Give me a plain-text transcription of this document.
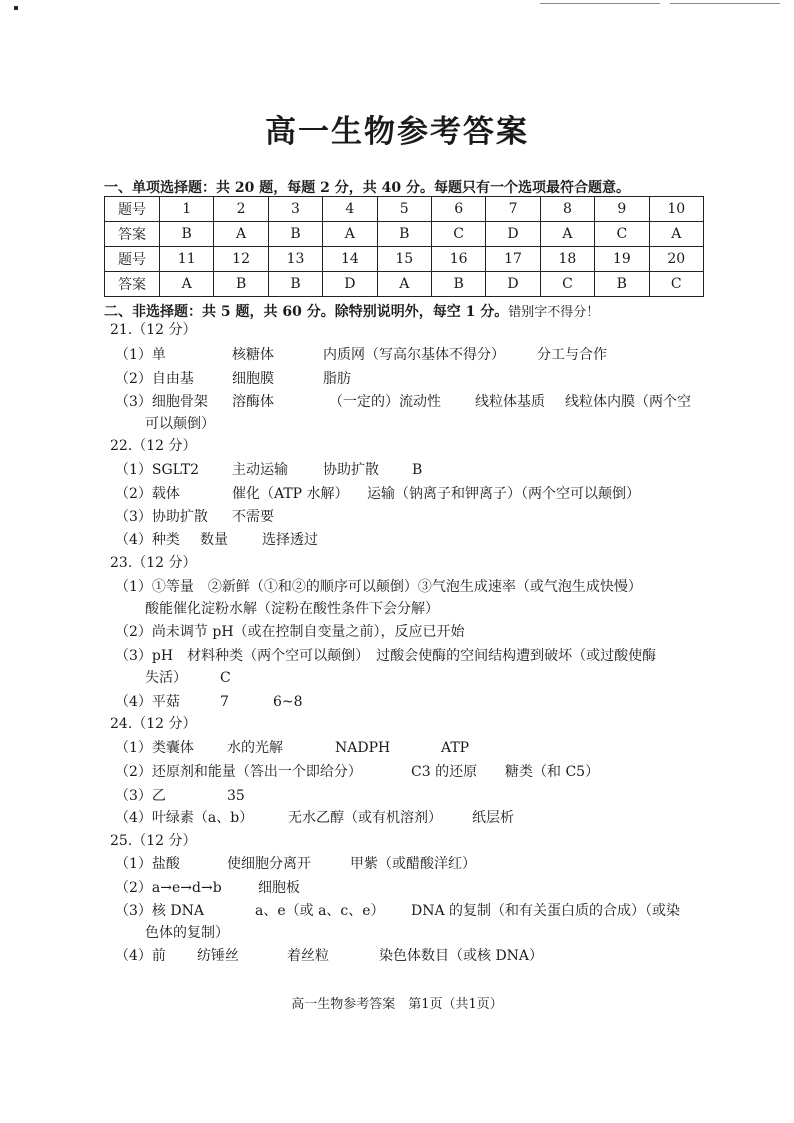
高一生物参考答案
一、单项选择题：共 20 题，每题 2 分，共 40 分。每题只有一个选项最符合题意。
题号	1	2	3	4	5	6	7	8	9	10
答案	B	A	B	A	B	C	D	A	C	A
题号	11	12	13	14	15	16	17	18	19	20
答案	A	B	B	D	A	B	D	C	B	C
二、非选择题：共 5 题，共 60 分。除特别说明外，每空 1 分。错别字不得分！
21.（12 分）
（1）单	核糖体	内质网（写高尔基体不得分） 分工与合作
（2）自由基	细胞膜	脂肪
（3）细胞骨架 溶酶体	（一定的）流动性 线粒体基质 线粒体内膜（两个空
可以颠倒）
22.（12 分）
（1）SGLT2 主动运输	协助扩散 B
（2）载体	催化（ATP 水解） 运输（钠离子和钾离子）（两个空可以颠倒）
（3）协助扩散 不需要
（4）种类 数量 选择透过
23.（12 分）
（1）①等量　②新鲜（①和②的顺序可以颠倒）③气泡生成速率（或气泡生成快慢）
酸能催化淀粉水解（淀粉在酸性条件下会分解）
（2）尚未调节 pH（或在控制自变量之前），反应已开始
（3）pH　材料种类（两个空可以颠倒）　过酸会使酶的空间结构遭到破坏（或过酸使酶
失活） C
（4）平菇	7	6~8
24.（12 分）
（1）类囊体 水的光解	NADPH	ATP
（2）还原剂和能量（答出一个即给分）	C3 的还原 糖类（和 C5）
（3）乙	35
（4）叶绿素（a、b） 无水乙醇（或有机溶剂） 纸层析
25.（12 分）
（1）盐酸	使细胞分离开	甲紫（或醋酸洋红）
（2）a→e→d→b	细胞板
（3）核 DNA	a、e（或 a、c、e） DNA 的复制（和有关蛋白质的合成）（或染
色体的复制）
（4）前 纺锤丝	着丝粒	染色体数目（或核 DNA）
高一生物参考答案　第1页（共1页）
